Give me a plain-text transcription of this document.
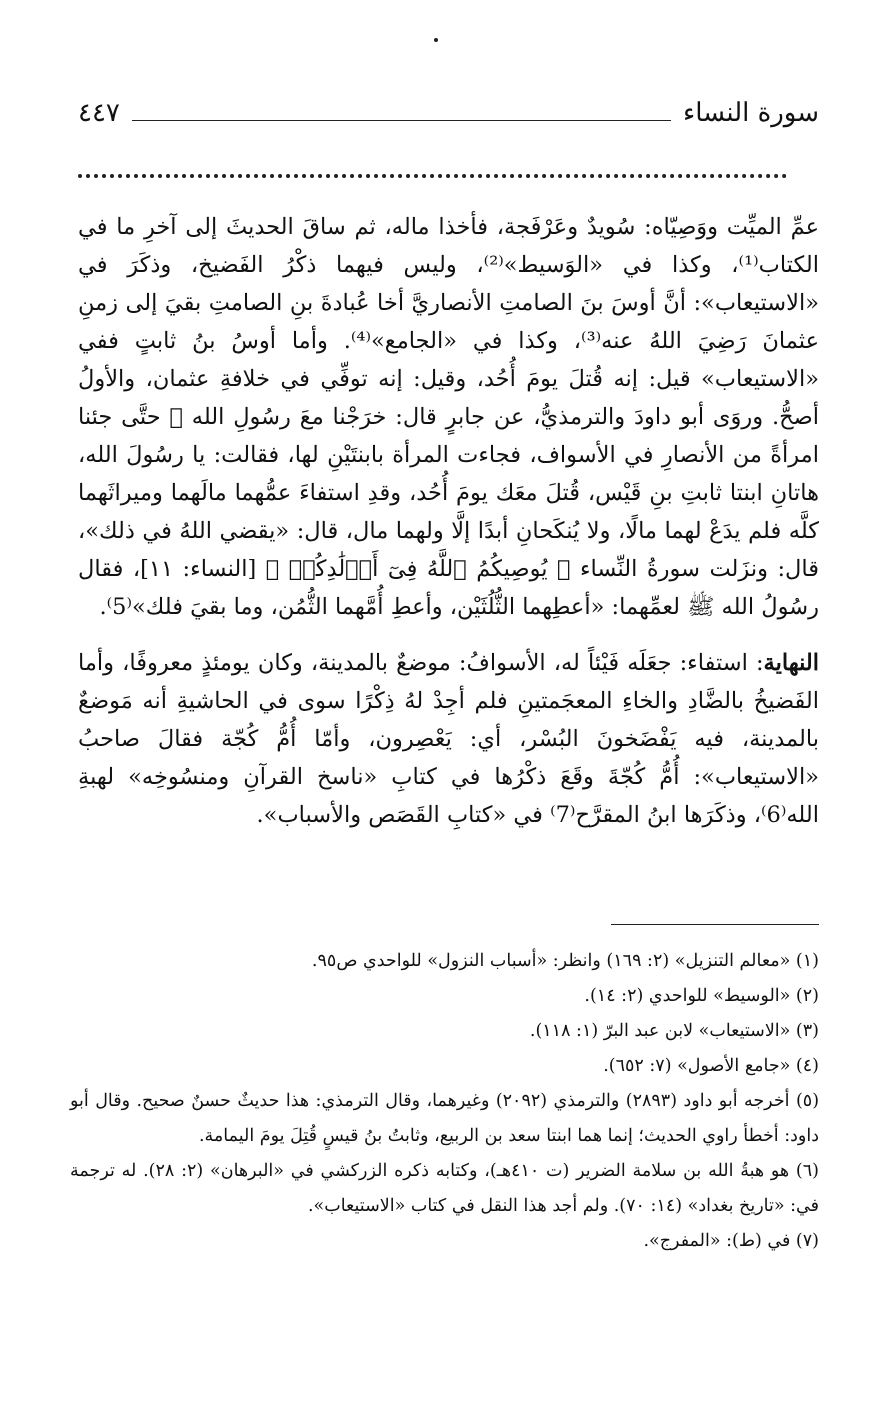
سورة النساء
٤٤٧

عمِّ الميِّت ووَصِيّاه: سُويدٌ وعَرْفَجة، فأخذا ماله، ثم ساقَ الحديثَ إلى آخرِ ما في الكتاب⁽¹⁾، وكذا في «الوَسيط»⁽²⁾، وليس فيهما ذكْرُ الفَضيخ، وذكَرَ في «الاستيعاب»: أنَّ أوسَ بنَ الصامتِ الأنصاريَّ أخا عُبادةَ بنِ الصامتِ بقيَ إلى زمنِ عثمانَ رَضِيَ اللهُ عنه⁽³⁾، وكذا في «الجامع»⁽⁴⁾. وأما أوسُ بنُ ثابتٍ ففي «الاستيعاب» قيل: إنه قُتلَ يومَ أُحُد، وقيل: إنه توفِّي في خلافةِ عثمان، والأولُ أصحُّ. وروَى أبو داودَ والترمذيُّ، عن جابرٍ قال: خرَجْنا معَ رسُولِ الله ﷺ حتَّى جئنا امرأةً من الأنصارِ في الأسواف، فجاءت المرأة بابنتَيْنِ لها، فقالت: يا رسُولَ الله، هاتانِ ابنتا ثابتِ بنِ قَيْس، قُتلَ معَك يومَ أُحُد، وقدِ استفاءَ عمُّهما مالَهما وميراثَهما كلَّه فلم يدَعْ لهما مالًا، ولا يُنكَحانِ أبدًا إلَّا ولهما مال، قال: «يقضي اللهُ في ذلك»، قال: ونزَلت سورةُ النِّساء ﴿ يُوصِيكُمُ ٱللَّهُ فِىٓ أَوۡلَٰدِكُمۡ ﴾ [النساء: ١١]، فقال رسُولُ الله ﷺ لعمِّهما: «أعطِهما الثُّلُثَيْن، وأعطِ أُمَّهما الثُّمُن، وما بقيَ فلك»⁽5⁾.

النهاية: استفاء: جعَلَه فَيْئاً له، الأسوافُ: موضعٌ بالمدينة، وكان يومئذٍ معروفًا، وأما الفَضيخُ بالضَّادِ والخاءِ المعجَمتينِ فلم أجِدْ لهُ ذِكْرًا سوى في الحاشيةِ أنه مَوضعٌ بالمدينة، فيه يَفْضَخونَ البُسْر، أي: يَعْصِرون، وأمّا أُمُّ كُجّة فقالَ صاحبُ «الاستيعاب»: أُمُّ كُجّةَ وقَعَ ذكْرُها في كتابِ «ناسخ القرآنِ ومنسُوخِه» لهبةِ الله⁽6⁾، وذكَرَها ابنُ المقرَّح⁽7⁾ في «كتابِ القَصَص والأسباب».

(١) «معالم التنزيل» (٢: ١٦٩) وانظر: «أسباب النزول» للواحدي ص٩٥.

(٢) «الوسيط» للواحدي (٢: ١٤).

(٣) «الاستيعاب» لابن عبد البرّ (١: ١١٨).

(٤) «جامع الأصول» (٧: ٦٥٢).

(٥) أخرجه أبو داود (٢٨٩٣) والترمذي (٢٠٩٢) وغيرهما، وقال الترمذي: هذا حديثٌ حسنٌ صحيح. وقال أبو داود: أخطأ راوي الحديث؛ إنما هما ابنتا سعد بن الربيع، وثابتُ بنُ قيسٍ قُتِلَ يومَ اليمامة.

(٦) هو هبةُ الله بن سلامة الضرير (ت ٤١٠هـ)، وكتابه ذكره الزركشي في «البرهان» (٢: ٢٨). له ترجمة في: «تاريخ بغداد» (١٤: ٧٠). ولم أجد هذا النقل في كتاب «الاستيعاب».

(٧) في (ط): «المفرج».
